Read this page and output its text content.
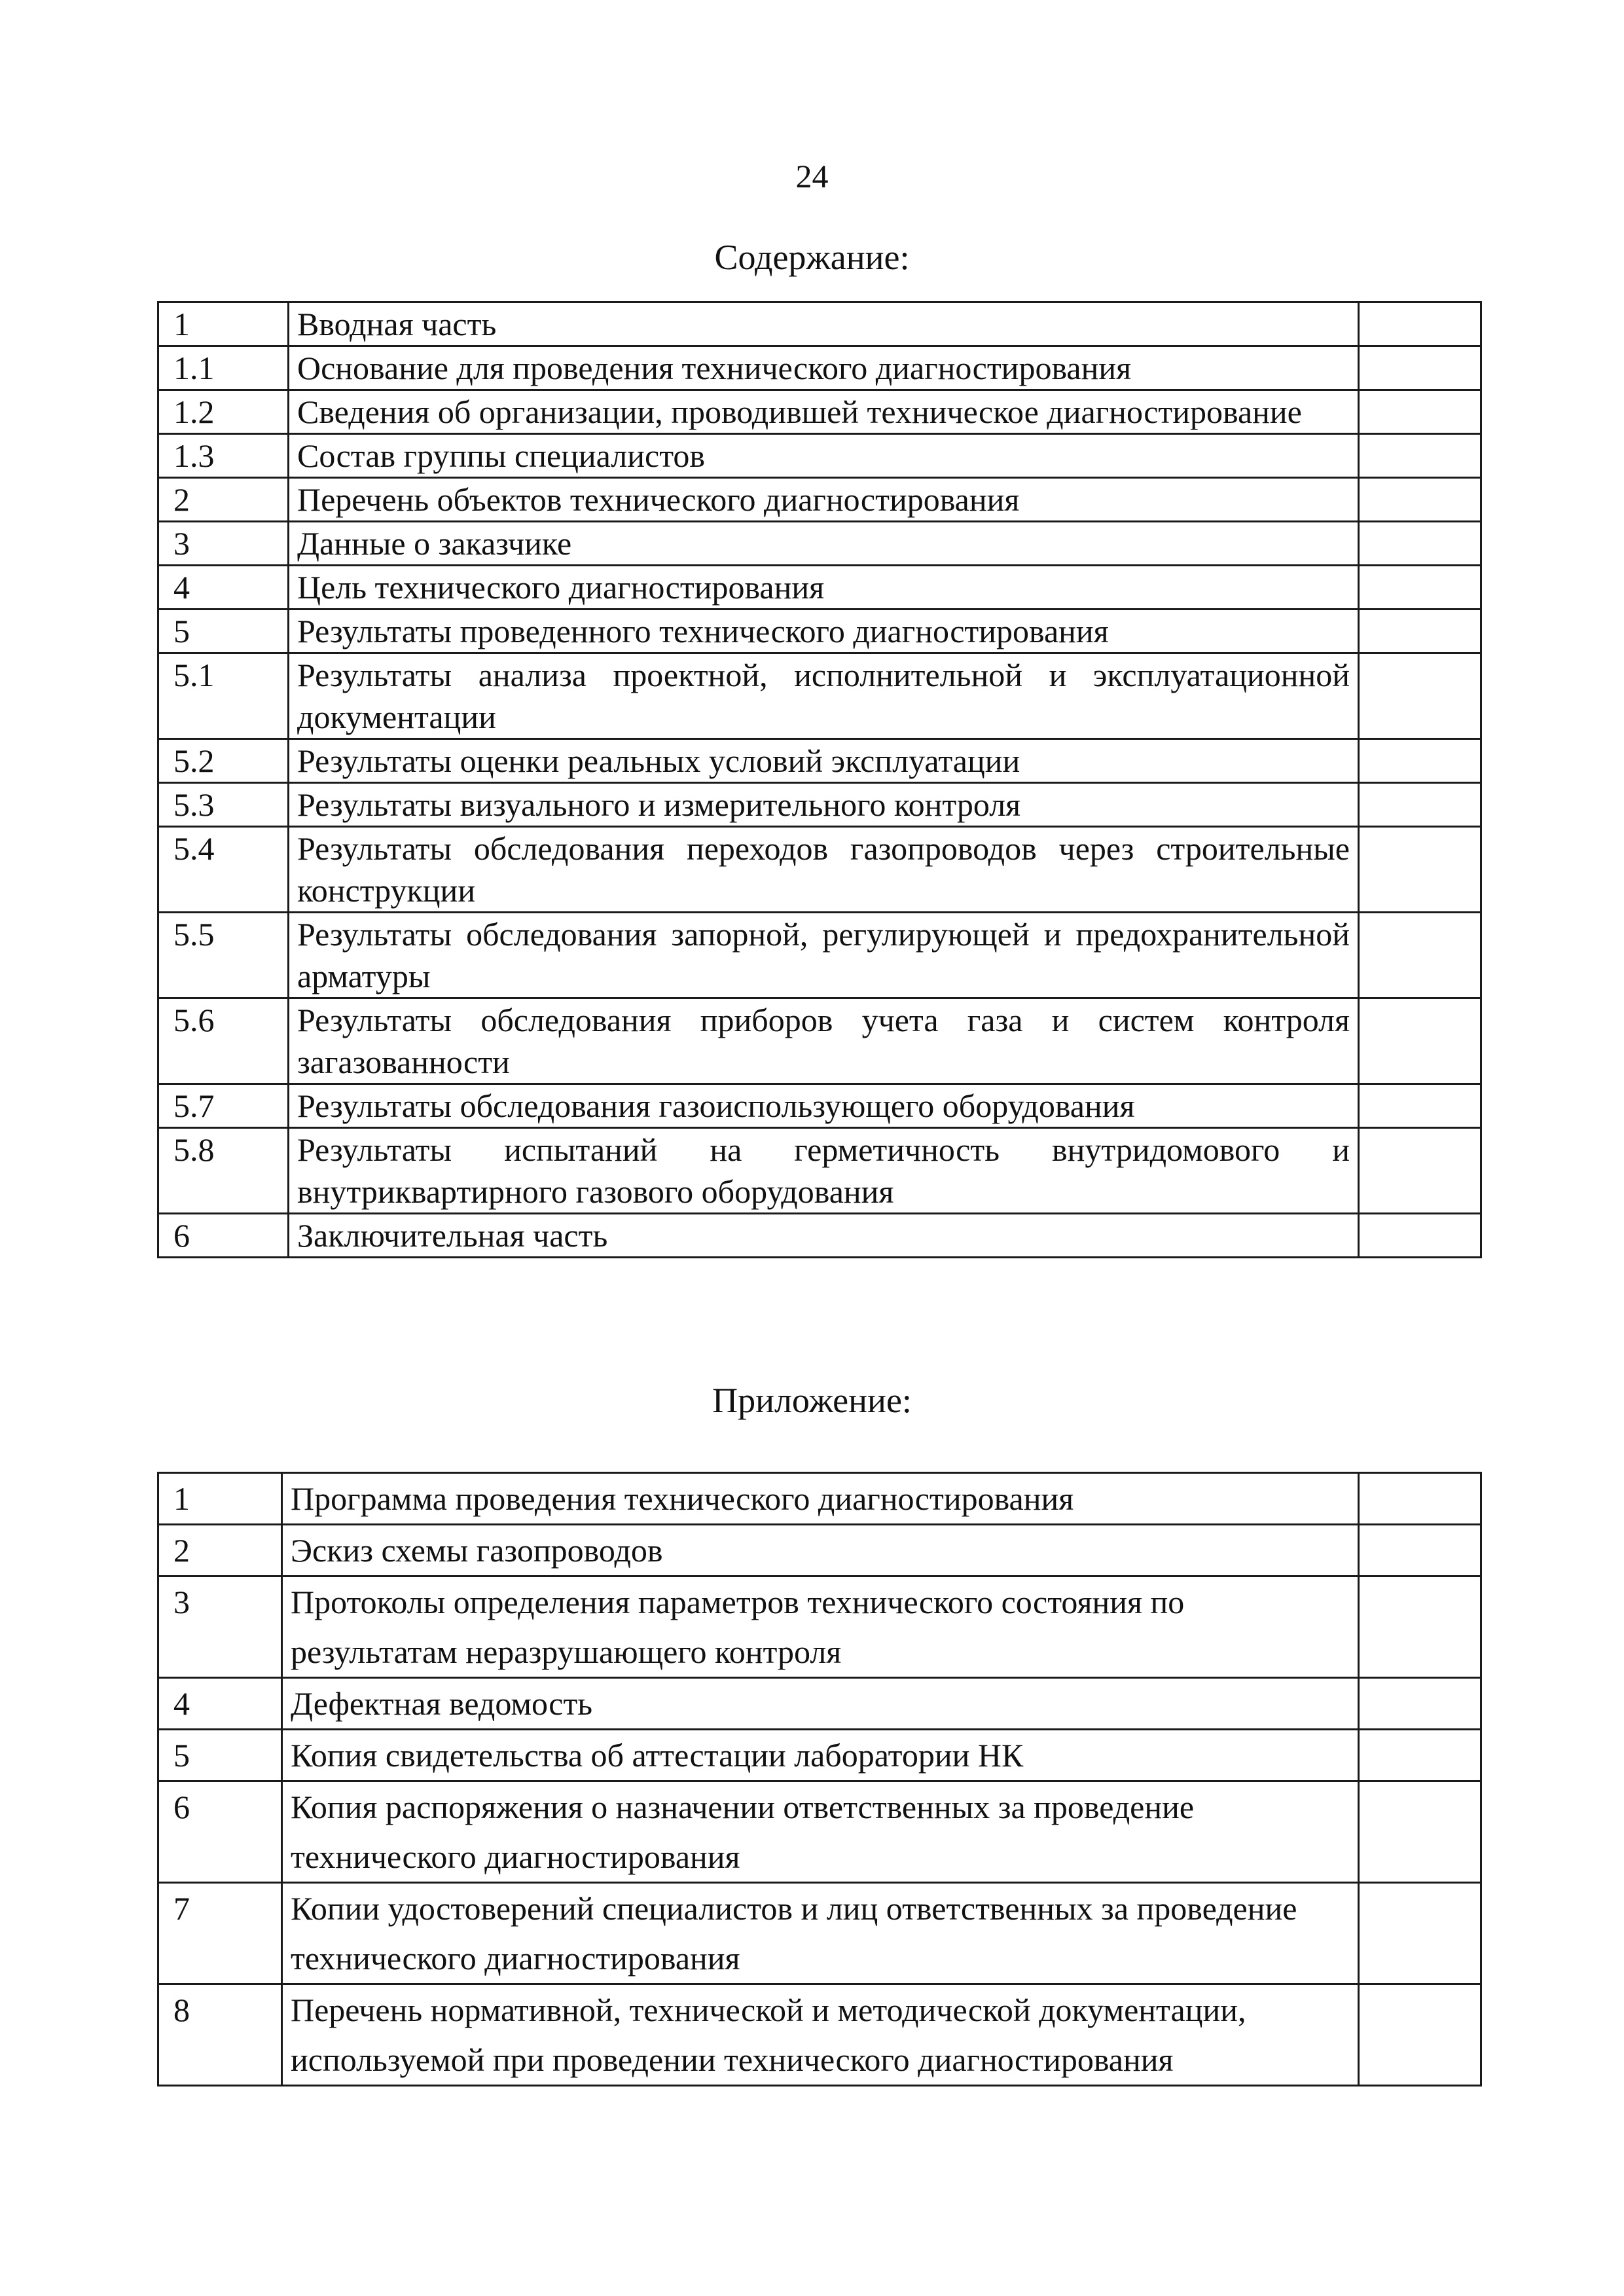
24
Содержание:
1	Вводная часть	
1.1	Основание для проведения технического диагностирования	
1.2	Сведения об организации, проводившей техническое диагностирование	
1.3	Состав группы специалистов	
2	Перечень объектов технического диагностирования	
3	Данные о заказчике	
4	Цель технического диагностирования	
5	Результаты проведенного технического диагностирования	
5.1	Результаты анализа проектной, исполнительной и эксплуатационной документации	
5.2	Результаты оценки реальных условий эксплуатации	
5.3	Результаты визуального и измерительного контроля	
5.4	Результаты обследования переходов газопроводов через строительные конструкции	
5.5	Результаты обследования запорной, регулирующей и предохранительной арматуры	
5.6	Результаты обследования приборов учета газа и систем контроля загазованности	
5.7	Результаты обследования газоиспользующего оборудования	
5.8	Результаты испытаний на герметичность внутридомового и внутриквартирного газового оборудования	
6	Заключительная часть	
Приложение:
1	Программа проведения технического диагностирования	
2	Эскиз схемы газопроводов	
3	Протоколы определения параметров технического состояния по результатам неразрушающего контроля	
4	Дефектная ведомость	
5	Копия свидетельства об аттестации лаборатории НК	
6	Копия распоряжения о назначении ответственных за проведение технического диагностирования	
7	Копии удостоверений специалистов и лиц ответственных за проведение технического диагностирования	
8	Перечень нормативной, технической и методической документации, используемой при проведении технического диагностирования	
